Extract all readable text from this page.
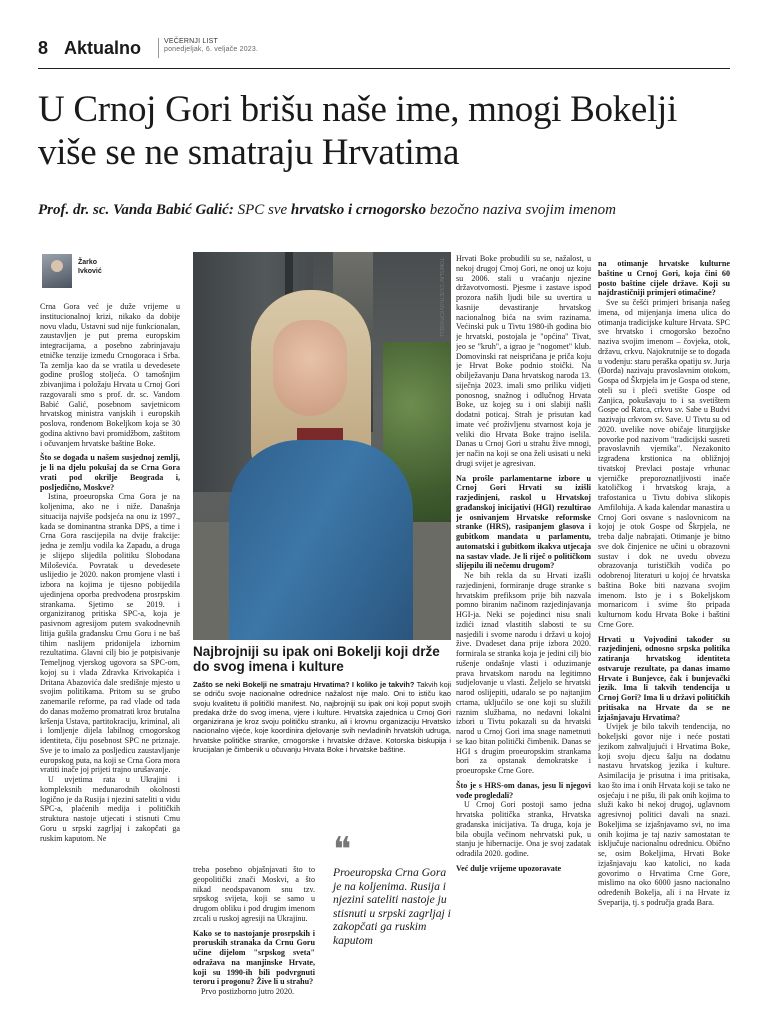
8 Aktualno	VEČERNJI LIST
ponedjeljak, 6. veljače 2023.
U Crnoj Gori brišu naše ime, mnogi Bokelji više se ne smatraju Hrvatima

Prof. dr. sc. Vanda Babić Galić: SPC sve hrvatsko i crnogorsko bezočno naziva svojim imenom

Žarko
Ivković

Crna Gora već je duže vrijeme u institucionalnoj krizi, nikako da dobije novu vladu, Ustavni sud nije funkcionalan, zaustavljen je put prema europskim integracijama, a posebno zabrinjavaju etničke tenzije između Crnogoraca i Srba. Ta zemlja kao da se vratila u devedesete godine prošlog stoljeća. O tamošnjim zbivanjima i položaju Hrvata u Crnoj Gori razgovarali smo s prof. dr. sc. Vandom Babić Galić, posebnom savjetnicom hrvatskog ministra vanjskih i europskih poslova, ronđenom Bokeljkom koja se 30 godina aktivno bavi promidžbom, zaštitom i očuvanjem hrvatske baštine Boke.

Što se događa u našem susjednoj zemlji, je li na djelu pokušaj da se Crna Gora vrati pod okrilje Beograda i, posljedično, Moskve?

Istina, proeuropska Crna Gora je na koljenima, ako ne i niže. Današnja situacija najviše podsjeća na onu iz 1997., kada se dominantna stranka DPS, a time i Crna Gora rascijepila na dvije frakcije: jedna je zemlju vodila ka Zapadu, a druga je slijepo slijedila politiku Slobodana Miloševića. Povratak u devedesete uslijedio je 2020. nakon promjene vlasti i izbora na kojima je tijesno pobijedila ujedinjena oporba predvođena prosrpskim strankama. Sjetimo se 2019. i organiziranog pritiska SPC-a, koja je pasivnom agresijom putem svakodnevnih litija gušila građansku Crnu Goru i ne baš tihim naslijem pridonijela izbornim rezultatima. Glavni cilj bio je potpisivanje Temeljnog vjerskog ugovora sa SPC-om, kojoj su i vlada Zdravka Krivokapića i Dritana Abazovića dale središnje mjesto u svojim politikama. Pritom su se grubo zanemarile reforme, pa rad vlade od tada do danas možemo promatrati kroz brutalna kršenja Ustava, partitokraciju, kriminal, ali i lomljenje dijela labilnog crnogorskog identiteta, čiju posebnost SPC ne priznaje. Sve je to imalo za posljedicu zaustavljanje europskog puta, na koji se Crna Gora mora vratiti inače joj prijeti trajno urušavanje.

U uvjetima rata u Ukrajini i kompleksnih međunarodnih okolnosti logično je da Rusija i njezini sateliti u vidu SPC-a, plaćenih medija i političkih struktura nastoje utjecati i stisnuti Crnu Goru u srpski zagrljaj i zakopčati ga ruskim kaputom. Ne

TOMISLAV CVJETKOVIĆ/PIXSELL

Najbrojniji su ipak oni Bokelji koji drže do svog imena i kulture

Zašto se neki Bokelji ne smatraju Hrvatima? I koliko je takvih? Takvih koji se odriču svoje nacionalne odrednice nažalost nije malo. Oni to ističu kao svoju kvalitetu ili politički manifest. No, najbrojniji su ipak oni koji poput svojih predaka drže do svog imena, vjere i kulture. Hrvatska zajednica u Crnoj Gori organizirana je kroz svoju političku stranku, ali i krovnu organizaciju Hrvatsko nacionalno vijeće, koje koordinira djelovanje svih nevladinih hrvatskih udruga, hrvatske političke stranke, crnogorske i hrvatske države. Kotorska biskupija i krucijalan je čimbenik u očuvanju Hrvata Boke i hrvatske baštine.

treba posebno objašnjavati što to geopolitički znači Moskvi, a što nikad neodspavanom snu tzv. srpskog svijeta, koji se samo u drugom obliku i pod drugim imenom zrcali u ruskoj agresiji na Ukrajinu.

Kako se to nastojanje prosrpskih i proruskih stranaka da Crnu Goru učine dijelom "srpskog sveta" odražava na manjinske Hrvate, koji su 1990-ih bili podvrgnuti teroru i progonu? Žive li u strahu?

Prvo postizborno jutro 2020.

❝

Proeuropska Crna Gora je na koljenima. Rusija i njezini sateliti nastoje ju stisnuti u srpski zagrljaj i zakopčati ga ruskim kaputom

Hrvati Boke probudili su se, nažalost, u nekoj drugoj Crnoj Gori, ne onoj uz koju su 2006. stali u vraćanju njezine državotvornosti. Pjesme i zastave ispod prozora naših ljudi bile su uvertira u kasnije devastiranje hrvatskog nacionalnog bića na svim razinama. Većinski puk u Tivtu 1980-ih godina bio je hrvatski, postojala je "općina" Tivat, jeo se "kruh", a igrao je "nogomet" klub. Domovinski rat neispričana je priča koju je Hrvat Boke podnio stoički. Na obilježavanju Dana hrvatskog naroda 13. siječnja 2023. imali smo priliku vidjeti ponosnog, snažnog i odlučnog Hrvata Boke, uz kojeg su i oni slabiji našli dodatni poticaj. Strah je prisutan kad imate već proživljenu stvarnost koja je veliki dio Hrvata Boke trajno iselila. Danas u Crnoj Gori u strahu žive mnogi, jer način na koji se ona želi usisati u neki drugi svijet je agresivan.

Na prošle parlamentarne izbore u Crnoj Gori Hrvati su izišli razjedinjeni, raskol u Hrvatskoj građanskoj inicijativi (HGI) rezultirao je osnivanjem Hrvatske reformske stranke (HRS), rasipanjem glasova i gubitkom mandata u parlamentu, automatski i gubitkom ikakva utjecaja na sastav vlade. Je li riječ o političkom slijepilu ili nečemu drugom?

Ne bih rekla da su Hrvati izašli razjedinjeni, formiranje druge stranke s hrvatskim prefiksom prije bih nazvala pomno biranim načinom razjedinjavanja HGI-ja. Neki se pojedinci nisu snali izdići iznad vlastitih slabosti te su nasjedili i svome narodu i državi u kojoj žive. Dvadeset dana prije izbora 2020. formirala se stranka koja je jedini cilj bio rušenje ondašnje vlasti i oduzimanje prava hrvatskom narodu na legitimno sudjelovanje u vlasti. Željelo se hrvatski narod oslijepiti, udaralo se po najtanjim crtama, ukljućilo se one koji su služili raznim službama, no nedavni lokalni izbori u Tivtu pokazali su da hrvatski narod u Crnoj Gori ima snage nametnuti se kao bitan politički čimbenik. Danas se HGI s drugim proeuropskim strankama bori za opstanak demokratske i proeuropske Crne Gore.

Što je s HRS-om danas, jesu li njegovi vođe progledali?

U Crnoj Gori postoji samo jedna hrvatska politička stranka, Hrvatska građanska inicijativa. Ta druga, koja je bila obujla večinom nehrvatski puk, u stanju je hibernacije. Ona je svoj zadatak odradila 2020. godine.

Već dulje vrijeme upozoravate

na otimanje hrvatske kulturne baštine u Crnoj Gori, koja čini 60 posto baštine cijele države. Koji su najdrastičniji primjeri otimačine?

Sve su češći primjeri brisanja našeg imena, od mijenjanja imena ulica do otimanja tradicijske kulture Hrvata. SPC sve hrvatsko i crnogorsko bezočno naziva svojim imenom – čovjeka, otok, državu, crkvu. Najokrutnije se to događa u vođenju: staru peraška opatiju sv. Jurja (Đorđa) nazivaju pravoslavnim otokom, Gospa od Škrpjela im je Gospa od stene, oteli su i pleći svetište Gospe od Zanjica, pokušavaju to i sa svetištem Gospe od Ratca, crkvu sv. Sabe u Budvi nazivaju crkvom sv. Save. U Tivtu su od 2020. uvelike nove običaje liturgijske povorke pod nazivom "tradicijski susreti pravoslavnih vjernika". Nezakonito izgrađena krstionica na obližnjoj tivatskoj Prevlaci postaje vrhunac vjerničke preporoznatljivosti inače katoličkog i hrvatskog kraja, a trafostanica u Tivtu dobiva slikopis Amfilohija. A kada kalendar manastira u Crnoj Gori osvane s naslovnicom na kojoj je otok Gospe od Škrpjela, ne treba dalje nabrajati. Otimanje je bitno sve dok činjenice ne učini u obrazovni sustav i dok ne uvedu obvezu obrazovanja turističkih vodiča po odobrenoj literaturi u kojoj će hrvatska baština Boke biti nazvana svojim imenom. Isto je i s Bokeljskom mornaricom i svime što pripada kulturnom kodu Hrvata Boke i baštini Crne Gore.

Hrvati u Vojvodini također su razjedinjeni, odnosno srpska politika zatiranja hrvatskog identiteta ostvaruje rezultate, pa danas imamo Hrvate i Bunjevce, čak i bunjevački jezik. Ima li takvih tendencija u Crnoj Gori? Ima li u državi političkih pritisaka na Hrvate da se ne izjašnjavaju Hrvatima?

Uvijek je bilo takvih tendencija, no bokeljski govor nije i neće postati jezikom zahvaljujući i Hrvatima Boke, koji svoju djecu šalju na dodatnu nastavu hrvatskog jezika i kulture. Asimilacija je prisutna i ima pritisaka, kao što ima i onih Hrvata koji se tako ne osjećaju i ne pišu, ili pak onih kojima to služi kako bi nekoj drugoj, uglavnom agresivnoj politici davali na snazi. Bokeljima se izjašnjavamo svi, no ima onih kojima je taj naziv samostatan te isključuje nacionalnu odrednicu. Obično se, osim Bokeljima, Hrvati Boke izjašnjavaju kao katolici, no kada govorimo o Hrvatima Crne Gore, mislimo na oko 6000 jasno nacionalno određenih Bokelja, ali i na Hrvate iz Sveparija, tj. s područja grada Bara.
